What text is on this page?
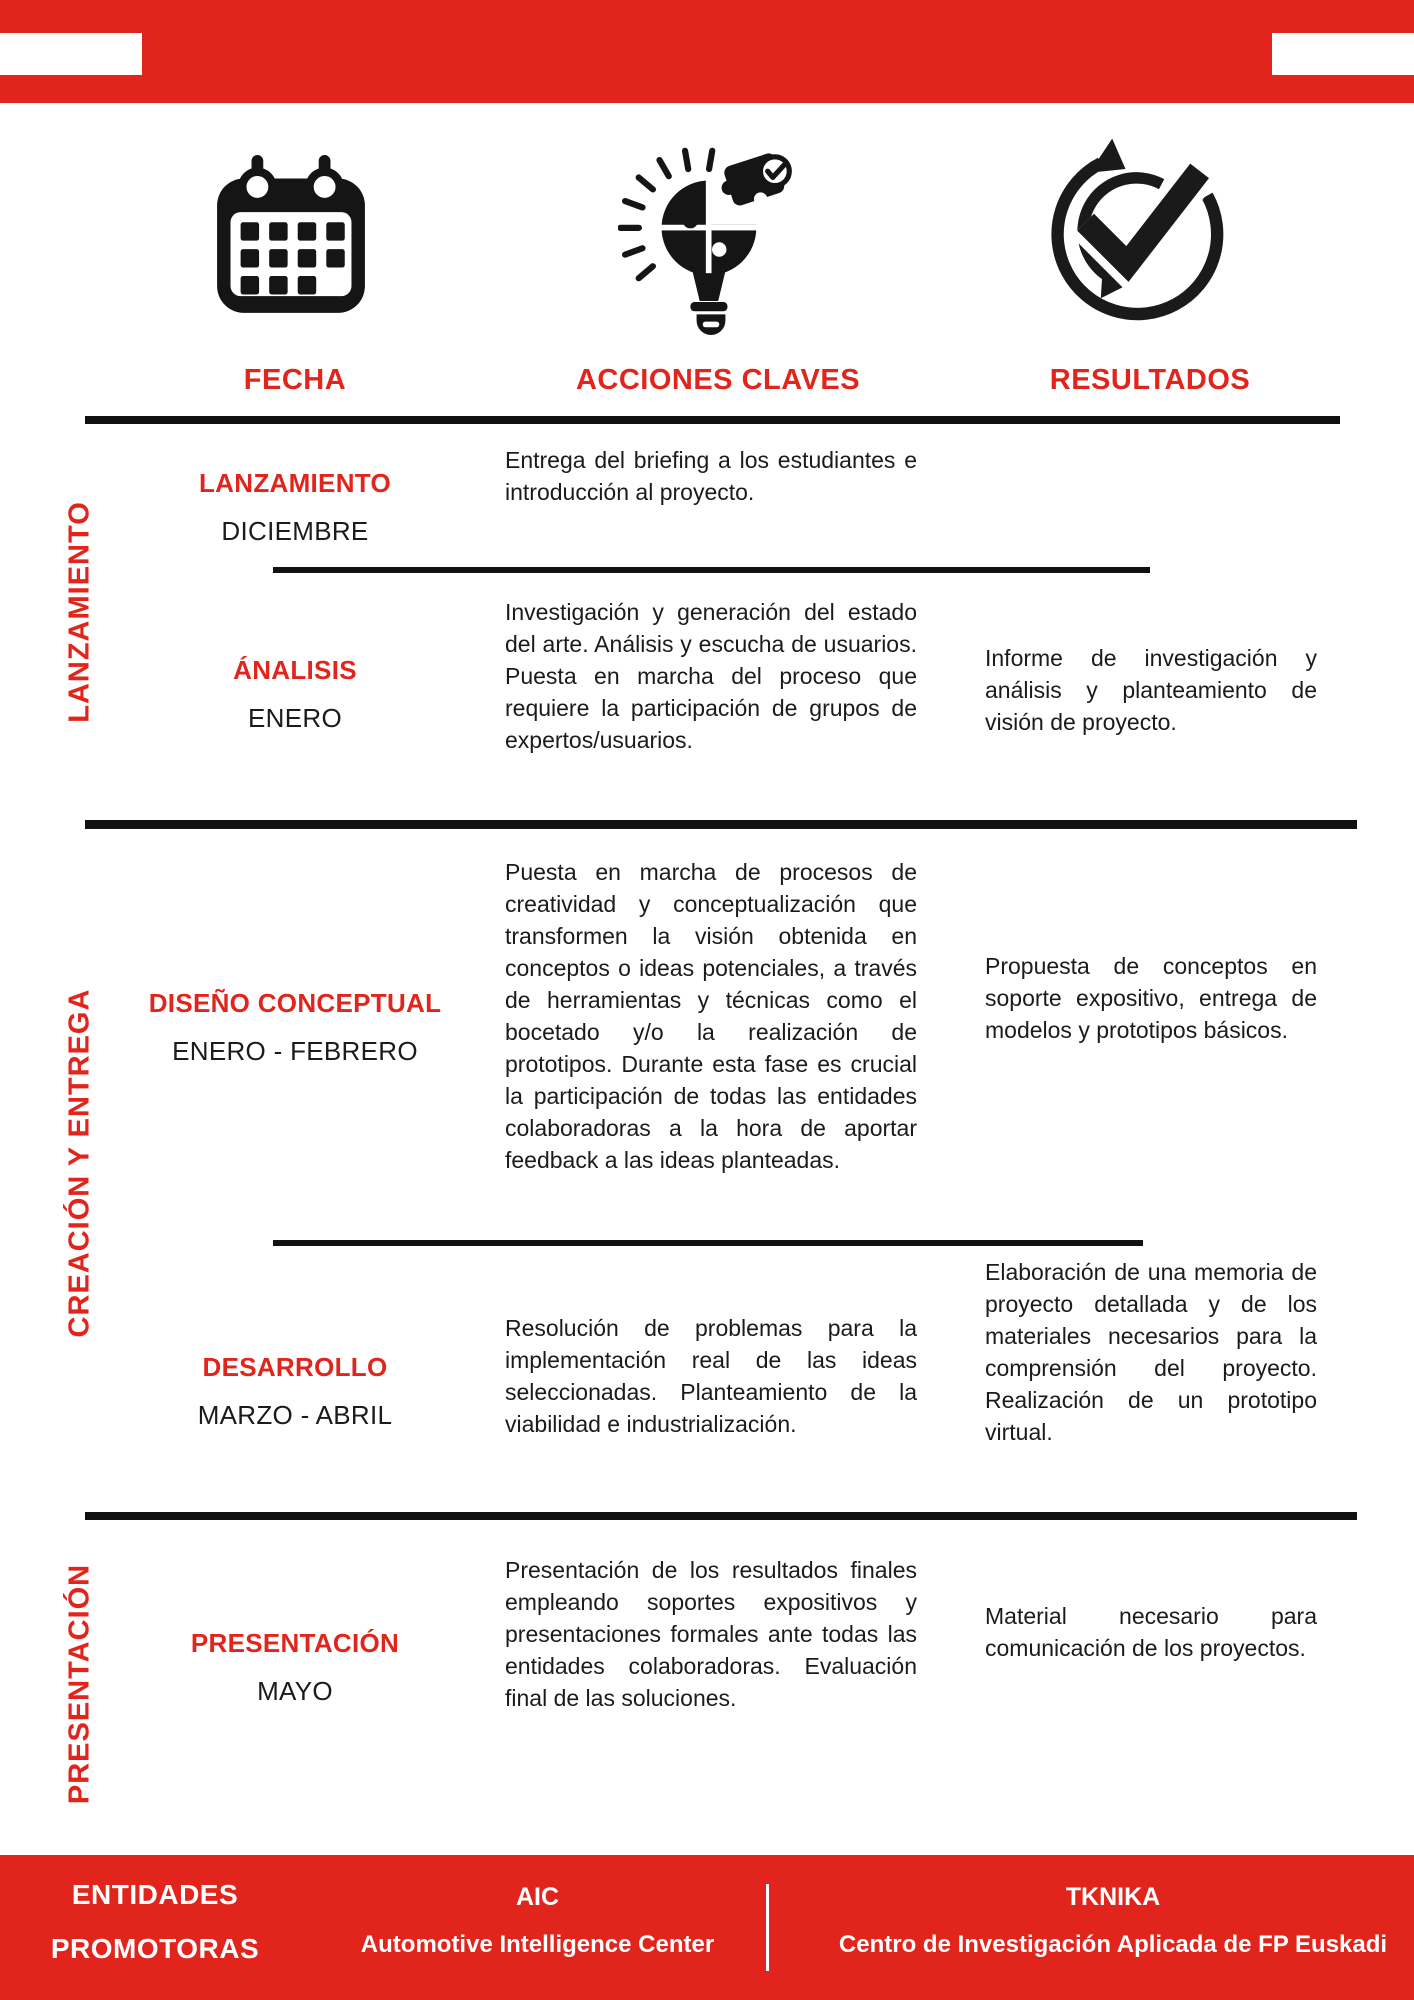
FECHA	ACCIONES CLAVES	RESULTADOS
LANZAMIENTO
CREACIÓN Y ENTREGA
PRESENTACIÓN
LANZAMIENTO
DICIEMBRE
Entrega del briefing a los estudiantes e introducción al proyecto.
ÁNALISIS
ENERO
Investigación y generación del estado del arte. Análisis y escucha de usuarios. Puesta en marcha del proceso que requiere la participación de grupos de expertos/usuarios.
Informe de investigación y análisis y planteamiento de visión de proyecto.
DISEÑO CONCEPTUAL
ENERO - FEBRERO
Puesta en marcha de procesos de creatividad y conceptualización que transformen la visión obtenida en conceptos o ideas potenciales, a través de herramientas y técnicas como el bocetado y/o la realización de prototipos. Durante esta fase es crucial la participación de todas las entidades colaboradoras a la hora de aportar feedback a las ideas planteadas.
Propuesta de conceptos en soporte expositivo, entrega de modelos y prototipos básicos.
DESARROLLO
MARZO - ABRIL
Resolución de problemas para la implementación real de las ideas seleccionadas. Planteamiento de la viabilidad e industrialización.
Elaboración de una memoria de proyecto detallada y de los materiales necesarios para la comprensión del proyecto. Realización de un prototipo virtual.
PRESENTACIÓN
MAYO
Presentación de los resultados finales empleando soportes expositivos y presentaciones formales ante todas las entidades colaboradoras. Evaluación final de las soluciones.
Material necesario para comunicación de los proyectos.
ENTIDADES
PROMOTORAS
AIC
Automotive Intelligence Center
TKNIKA
Centro de Investigación Aplicada de FP Euskadi
